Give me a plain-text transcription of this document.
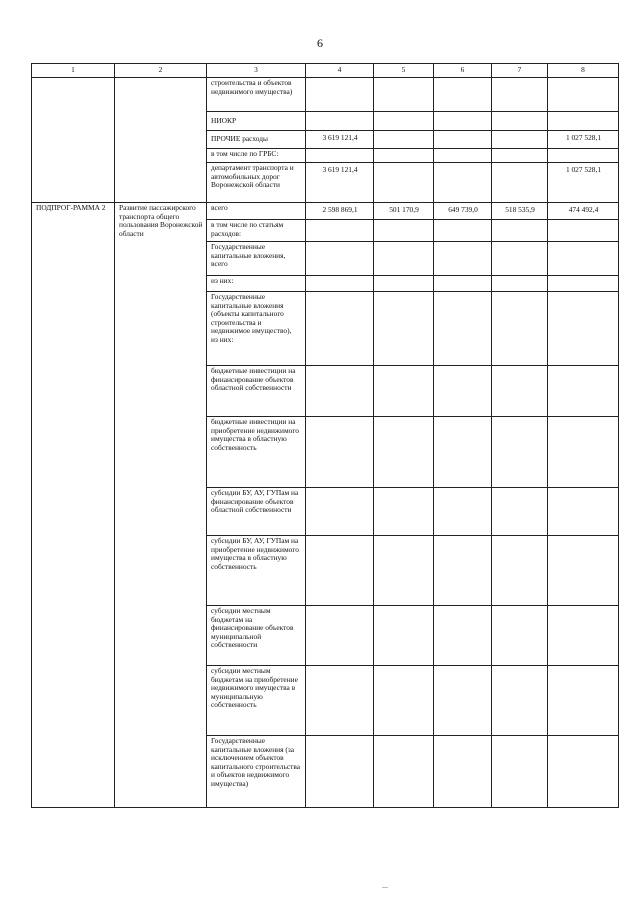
6
1	2	3	4	5	6	7	8
		строительства и объектов недвижимого имущества)					
		НИОКР					
		ПРОЧИЕ расходы	3 619 121,4				1 027 528,1
		в том числе по ГРБС:					
		департамент транспорта и автомобильных дорог Воронежской области	3 619 121,4				1 027 528,1
ПОДПРОГ-РАММА 2	Развитие пассажирского транспорта общего пользования Воронежской области	всего	2 598 869,1	501 170,9	649 739,0	518 535,9	474 492,4
		в том числе по статьям расходов:					
		Государственные капитальные вложения, всего					
		из них:					
		Государственные капитальные вложения (объекты капитального строительства и недвижимое имущество),
из них:					
		бюджетные инвестиции на финансирование объектов областной собственности					
		бюджетные инвестиции на приобретение недвижимого имущества в областную собственность					
		субсидии БУ, АУ, ГУПам на финансирование объектов областной собственности					
		субсидии БУ, АУ, ГУПам на приобретение недвижимого имущества в областную собственность					
		субсидии местным бюджетам на финансирование объектов муниципальной собственности					
		субсидии местным бюджетам на приобретение недвижимого имущества в муниципальную собственность					
		Государственные капитальные вложения (за исключением объектов капитального строительства и объектов недвижимого имущества)					
